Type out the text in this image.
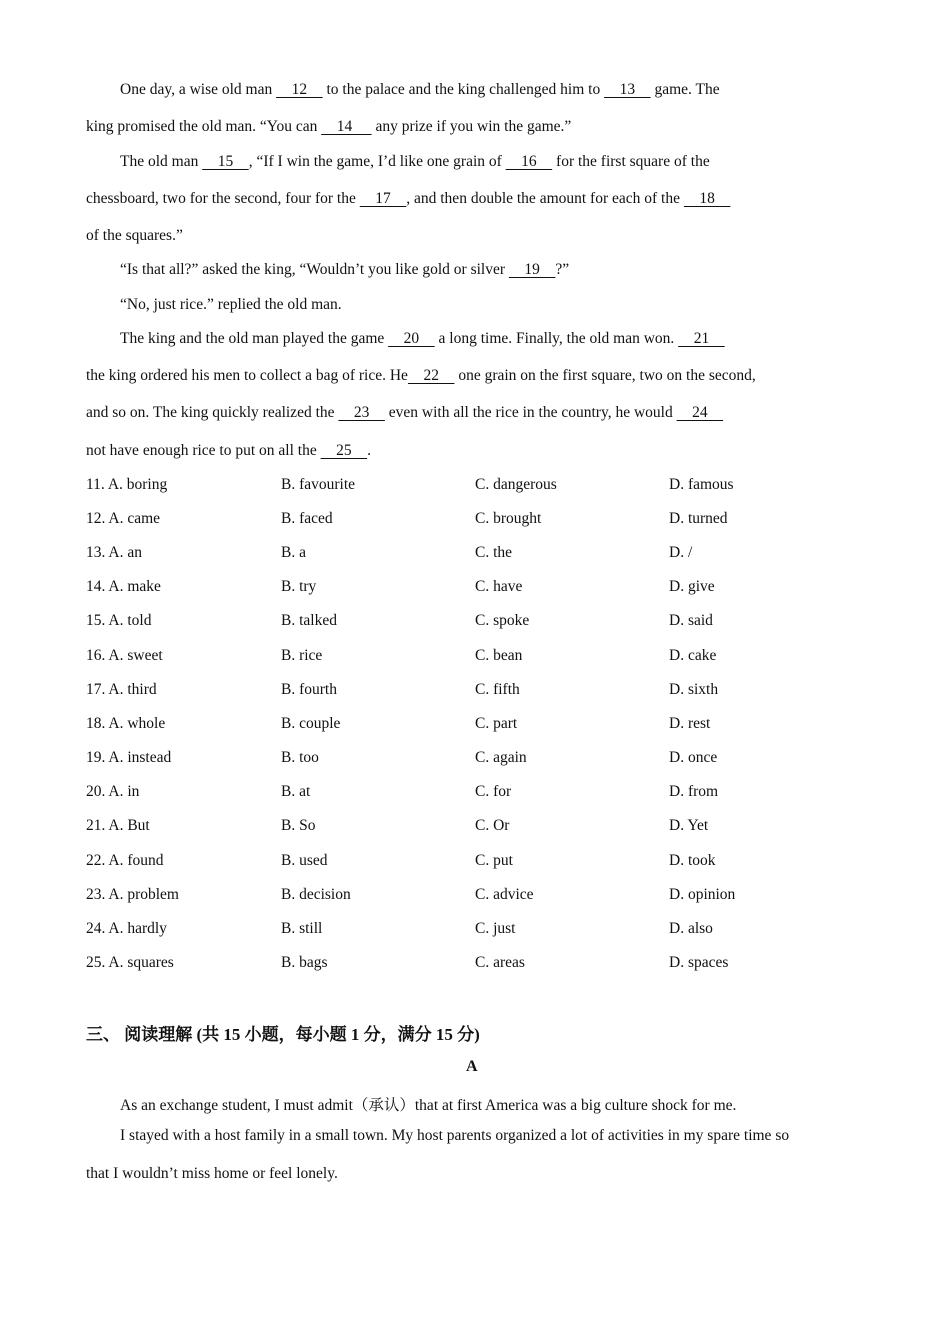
One day, a wise old man     12     to the palace and the king challenged him to     13     game. The
king promised the old man. “You can     14      any prize if you win the game.”
The old man     15    , “If I win the game, I’d like one grain of     16     for the first square of the
chessboard, two for the second, four for the     17    , and then double the amount for each of the     18
of the squares.”
“Is that all?” asked the king, “Wouldn’t you like gold or silver     19    ?”
“No, just rice.” replied the old man.
The king and the old man played the game     20     a long time. Finally, the old man won.     21
the king ordered his men to collect a bag of rice. He    22     one grain on the first square, two on the second,
and so on. The king quickly realized the     23     even with all the rice in the country, he would     24
not have enough rice to put on all the     25    .
11. A. boring	B. favourite	C. dangerous	D. famous
12. A. came	B. faced	C. brought	D. turned
13. A. an	B. a	C. the	D. /
14. A. make	B. try	C. have	D. give
15. A. told	B. talked	C. spoke	D. said
16. A. sweet	B. rice	C. bean	D. cake
17. A. third	B. fourth	C. fifth	D. sixth
18. A. whole	B. couple	C. part	D. rest
19. A. instead	B. too	C. again	D. once
20. A. in	B. at	C. for	D. from
21. A. But	B. So	C. Or	D. Yet
22. A. found	B. used	C. put	D. took
23. A. problem	B. decision	C. advice	D. opinion
24. A. hardly	B. still	C. just	D. also
25. A. squares	B. bags	C. areas	D. spaces
三、 阅读理解 (共 15 小题，每小题 1 分，满分 15 分)
A
As an exchange student, I must admit（承认）that at first America was a big culture shock for me.
I stayed with a host family in a small town. My host parents organized a lot of activities in my spare time so
that I wouldn’t miss home or feel lonely.
